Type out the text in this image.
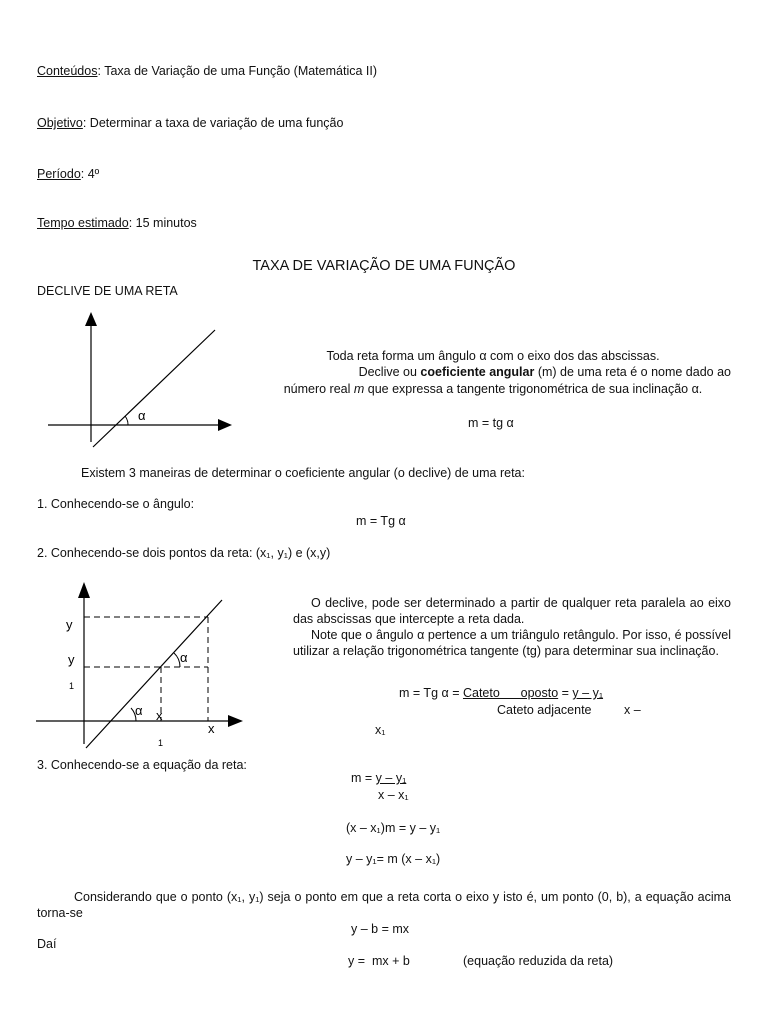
Conteúdos: Taxa de Variação de uma Função (Matemática II)
Objetivo: Determinar a taxa de variação de uma função
Período: 4º
Tempo estimado: 15 minutos
TAXA DE VARIAÇÃO DE UMA FUNÇÃO
DECLIVE DE UMA RETA
α
Toda reta forma um ângulo α com o eixo dos das abscissas.
Declive ou coeficiente angular (m) de uma reta é o nome dado ao
número real m que expressa a tangente trigonométrica de sua inclinação α.
m = tg α
Existem 3 maneiras de determinar o coeficiente angular (o declive) de uma reta:
1. Conhecendo-se o ângulo:
m = Tg α
2. Conhecendo-se dois pontos da reta: (x₁, y₁) e (x,y)
y
y
1
α
α x
1
x
O declive, pode ser determinado a partir de qualquer reta paralela ao eixo das abscissas que intercepte a reta dada.
Note que o ângulo α pertence a um triângulo retângulo. Por isso, é possível utilizar a relação trigonométrica tangente (tg) para determinar sua inclinação.
m = Tg α = Cateto      oposto = y – y₁
Cateto adjacente	x –
x₁
3. Conhecendo-se a equação da reta:
m = y – y₁
x – x₁
(x – x₁)m = y – y₁
y – y₁= m (x – x₁)
Considerando que o ponto (x₁, y₁) seja o ponto em que a reta corta o eixo y isto é, um ponto (0, b), a equação acima torna-se
y – b = mx
Daí
y =  mx + b	(equação reduzida da reta)
